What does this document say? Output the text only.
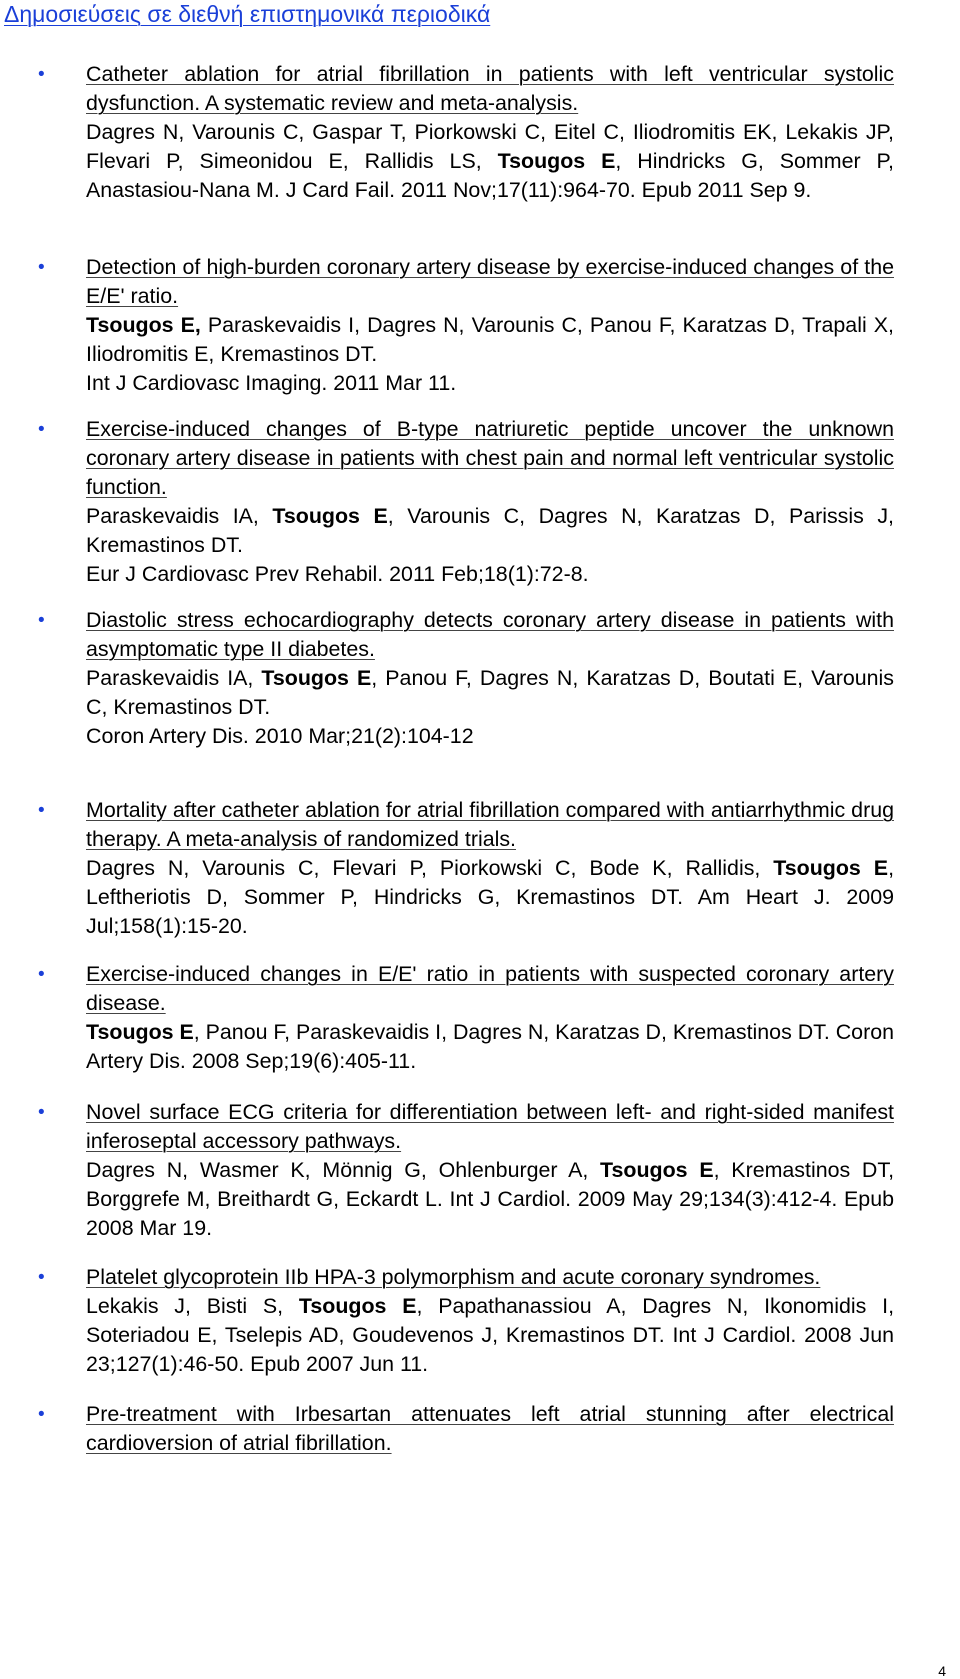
Δημοσιεύσεις σε διεθνή επιστημονικά περιοδικά
• Catheter ablation for atrial fibrillation in patients with left ventricular systolic dysfunction. A systematic review and meta-analysis.
Dagres N, Varounis C, Gaspar T, Piorkowski C, Eitel C, Iliodromitis EK, Lekakis JP, Flevari P, Simeonidou E, Rallidis LS, Tsougos E, Hindricks G, Sommer P, Anastasiou-Nana M. J Card Fail. 2011 Nov;17(11):964-70. Epub 2011 Sep 9.
• Detection of high-burden coronary artery disease by exercise-induced changes of the E/E' ratio.
Tsougos E, Paraskevaidis I, Dagres N, Varounis C, Panou F, Karatzas D, Trapali X, Iliodromitis E, Kremastinos DT.
Int J Cardiovasc Imaging. 2011 Mar 11.
• Exercise-induced changes of B-type natriuretic peptide uncover the unknown coronary artery disease in patients with chest pain and normal left ventricular systolic function.
Paraskevaidis IA, Tsougos E, Varounis C, Dagres N, Karatzas D, Parissis J, Kremastinos DT.
Eur J Cardiovasc Prev Rehabil. 2011 Feb;18(1):72-8.
• Diastolic stress echocardiography detects coronary artery disease in patients with asymptomatic type II diabetes.
Paraskevaidis IA, Tsougos E, Panou F, Dagres N, Karatzas D, Boutati E, Varounis C, Kremastinos DT.
Coron Artery Dis. 2010 Mar;21(2):104-12
• Mortality after catheter ablation for atrial fibrillation compared with antiarrhythmic drug therapy. A meta-analysis of randomized trials.
Dagres N, Varounis C, Flevari P, Piorkowski C, Bode K, Rallidis, Tsougos E, Leftheriotis D, Sommer P, Hindricks G, Kremastinos DT. Am Heart J. 2009 Jul;158(1):15-20.
• Exercise-induced changes in E/E' ratio in patients with suspected coronary artery disease.
Tsougos E, Panou F, Paraskevaidis I, Dagres N, Karatzas D, Kremastinos DT. Coron Artery Dis. 2008 Sep;19(6):405-11.
• Novel surface ECG criteria for differentiation between left- and right-sided manifest inferoseptal accessory pathways.
Dagres N, Wasmer K, Mönnig G, Ohlenburger A, Tsougos E, Kremastinos DT, Borggrefe M, Breithardt G, Eckardt L. Int J Cardiol. 2009 May 29;134(3):412-4. Epub 2008 Mar 19.
• Platelet glycoprotein IIb HPA-3 polymorphism and acute coronary syndromes.
Lekakis J, Bisti S, Tsougos E, Papathanassiou A, Dagres N, Ikonomidis I, Soteriadou E, Tselepis AD, Goudevenos J, Kremastinos DT. Int J Cardiol. 2008 Jun 23;127(1):46-50. Epub 2007 Jun 11.
• Pre-treatment with Irbesartan attenuates left atrial stunning after electrical cardioversion of atrial fibrillation.
4
